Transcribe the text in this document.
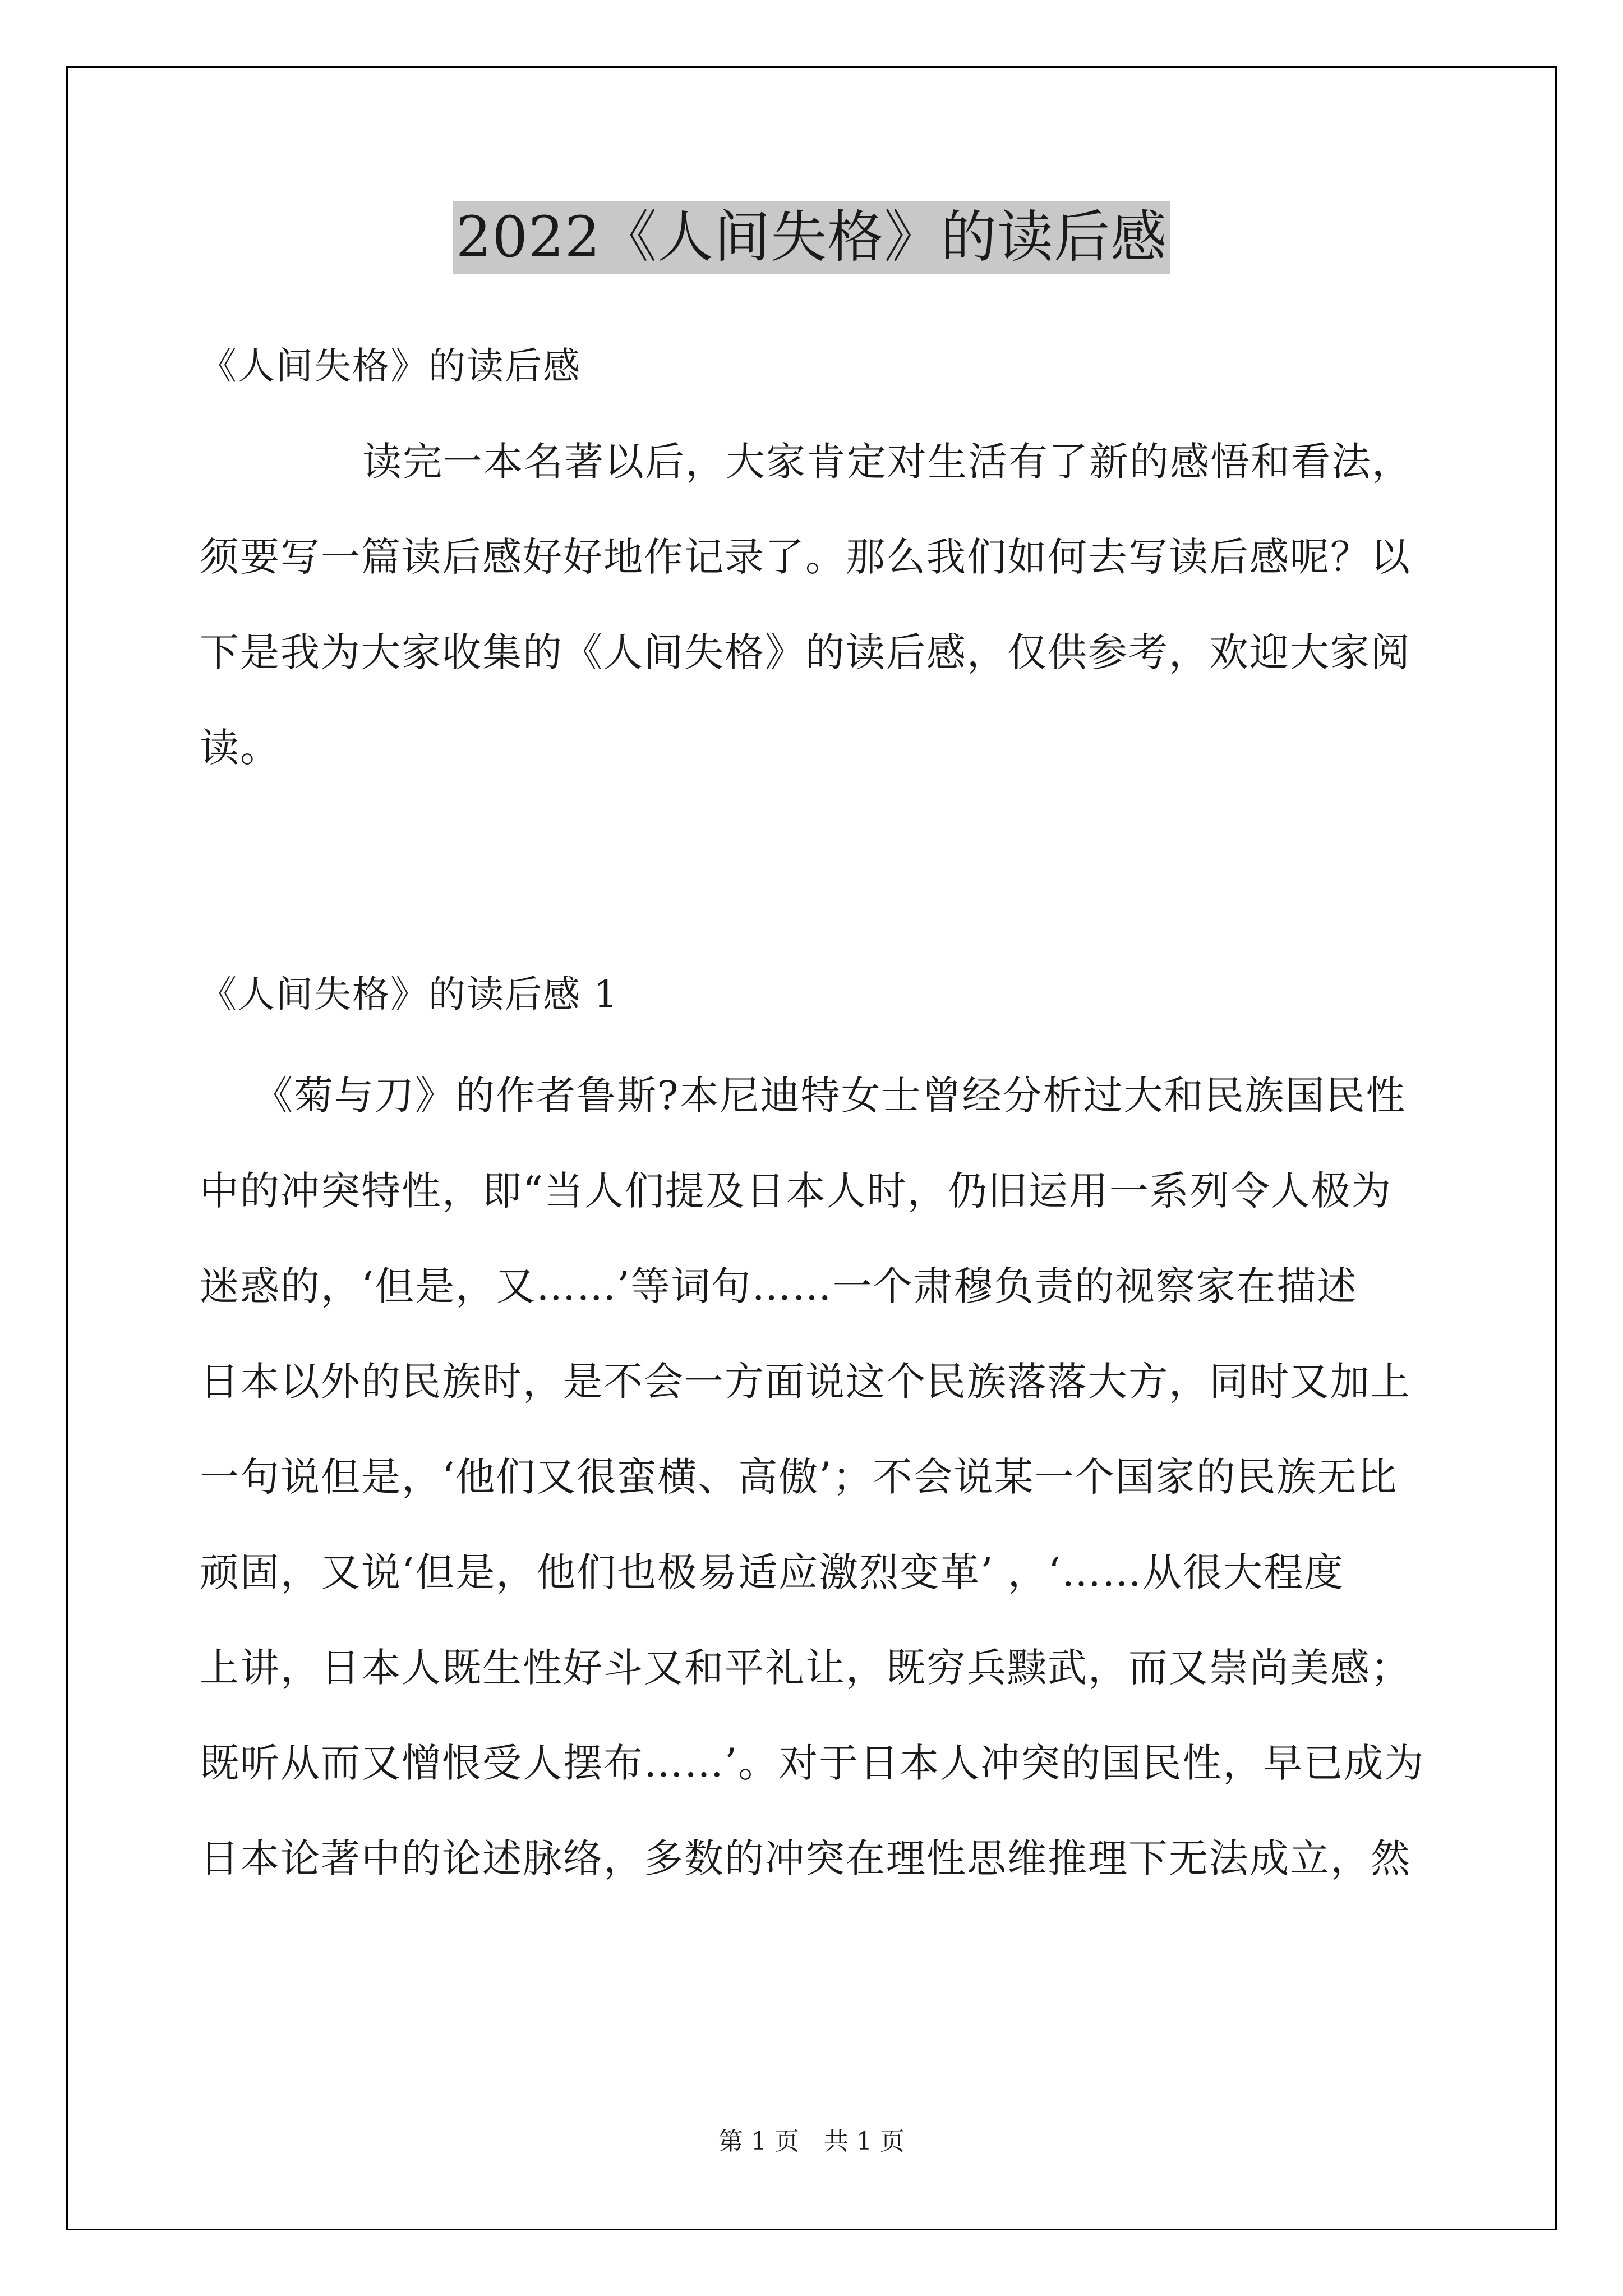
2022《人间失格》的读后感
《人间失格》的读后感
读完一本名著以后，大家肯定对生活有了新的感悟和看法，
须要写一篇读后感好好地作记录了。那么我们如何去写读后感呢？以
下是我为大家收集的《人间失格》的读后感，仅供参考，欢迎大家阅
读。
《人间失格》的读后感 1
《菊与刀》的作者鲁斯?本尼迪特女士曾经分析过大和民族国民性
中的冲突特性，即“当人们提及日本人时，仍旧运用一系列令人极为
迷惑的，‘但是，又……’等词句……一个肃穆负责的视察家在描述
日本以外的民族时，是不会一方面说这个民族落落大方，同时又加上
一句说但是，‘他们又很蛮横、高傲’；不会说某一个国家的民族无比
顽固，又说‘但是，他们也极易适应激烈变革’ ，‘……从很大程度
上讲，日本人既生性好斗又和平礼让，既穷兵黩武，而又崇尚美感；
既听从而又憎恨受人摆布……’。对于日本人冲突的国民性，早已成为
日本论著中的论述脉络，多数的冲突在理性思维推理下无法成立，然
第 1 页　共 1 页
